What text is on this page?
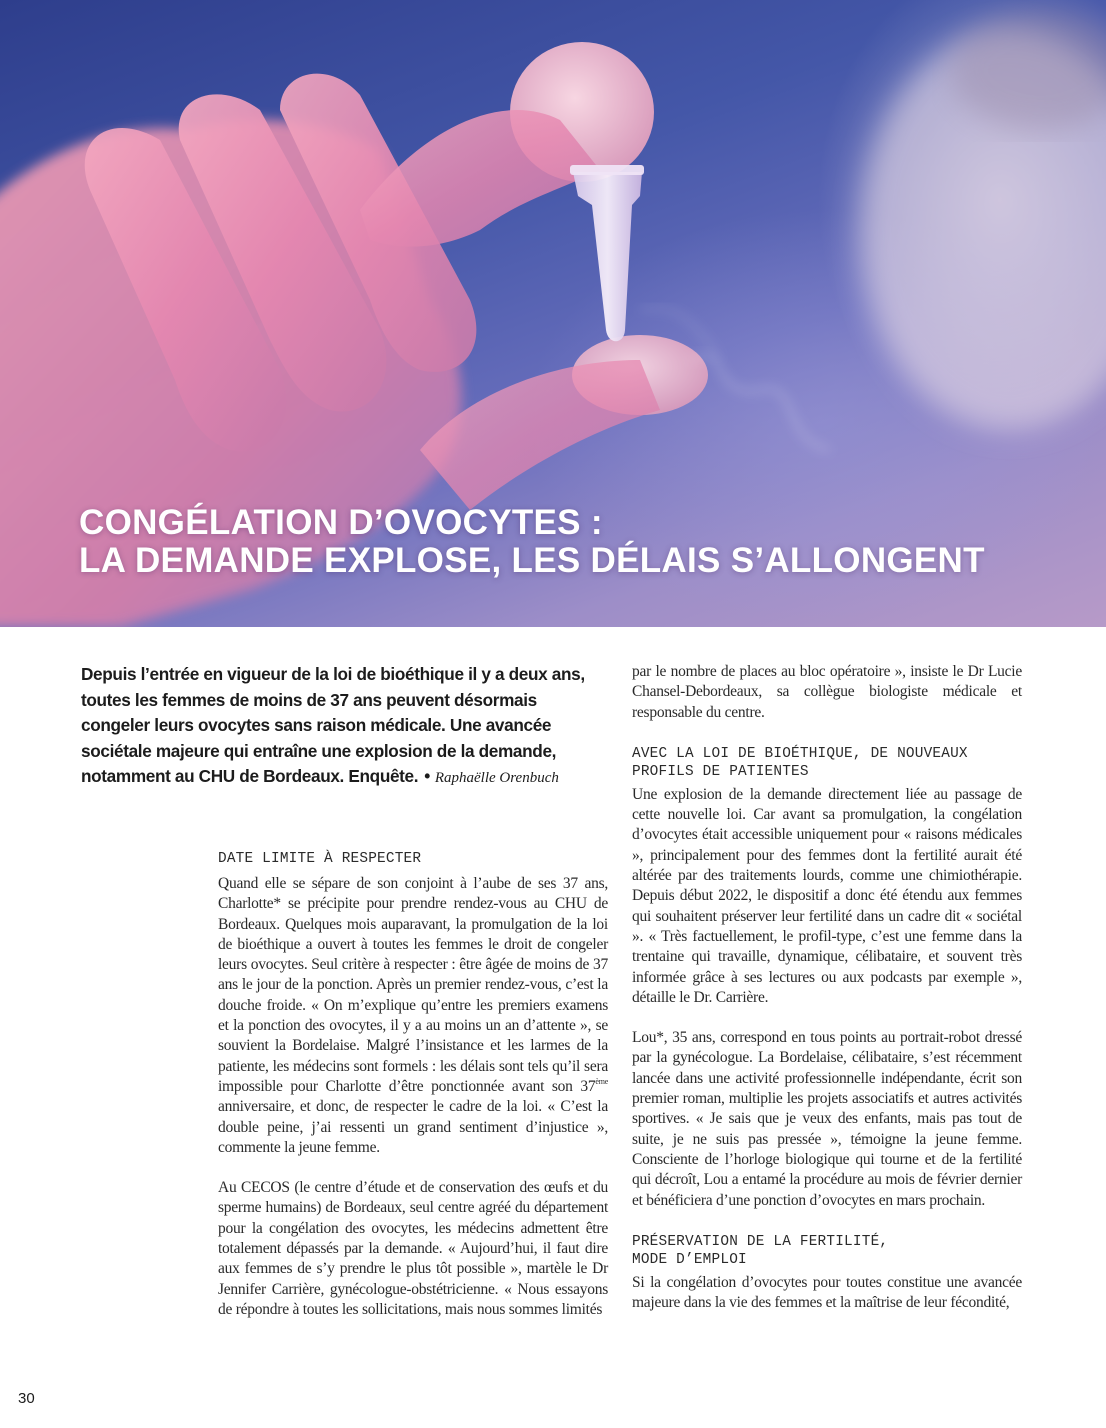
CONGÉLATION D’OVOCYTES :
LA DEMANDE EXPLOSE, LES DÉLAIS S’ALLONGENT
Depuis l’entrée en vigueur de la loi de bioéthique il y a deux ans, toutes les femmes de moins de 37 ans peuvent désormais congeler leurs ovocytes sans raison médicale. Une avancée sociétale majeure qui entraîne une explosion de la demande, notamment au CHU de Bordeaux. Enquête. • Raphaëlle Orenbuch
DATE LIMITE À RESPECTER

Quand elle se sépare de son conjoint à l’aube de ses 37 ans, Charlotte* se précipite pour prendre rendez-vous au CHU de Bordeaux. Quelques mois auparavant, la promulgation de la loi de bioéthique a ouvert à toutes les femmes le droit de congeler leurs ovocytes. Seul critère à respecter : être âgée de moins de 37 ans le jour de la ponction. Après un premier rendez-vous, c’est la douche froide. « On m’explique qu’entre les premiers examens et la ponction des ovocytes, il y a au moins un an d’attente », se souvient la Bordelaise. Malgré l’insistance et les larmes de la patiente, les médecins sont formels : les délais sont tels qu’il sera impossible pour Charlotte d’être ponctionnée avant son 37ème anniversaire, et donc, de respecter le cadre de la loi. « C’est la double peine, j’ai ressenti un grand sentiment d’injustice », commente la jeune femme.

Au CECOS (le centre d’étude et de conservation des œufs et du sperme humains) de Bordeaux, seul centre agréé du département pour la congélation des ovocytes, les médecins admettent être totalement dépassés par la demande. « Aujourd’hui, il faut dire aux femmes de s’y prendre le plus tôt possible », martèle le Dr Jennifer Carrière, gynécologue-obstétricienne. « Nous essayons de répondre à toutes les sollicitations, mais nous sommes limités

par le nombre de places au bloc opératoire », insiste le Dr Lucie Chansel-Debordeaux, sa collègue biologiste médicale et responsable du centre.

AVEC LA LOI DE BIOÉTHIQUE, DE NOUVEAUX
PROFILS DE PATIENTES

Une explosion de la demande directement liée au passage de cette nouvelle loi. Car avant sa promulgation, la congélation d’ovocytes était accessible uniquement pour « raisons médicales », principalement pour des femmes dont la fertilité aurait été altérée par des traitements lourds, comme une chimiothérapie. Depuis début 2022, le dispositif a donc été étendu aux femmes qui souhaitent préserver leur fertilité dans un cadre dit « sociétal ». « Très factuellement, le profil-type, c’est une femme dans la trentaine qui travaille, dynamique, célibataire, et souvent très informée grâce à ses lectures ou aux podcasts par exemple », détaille le Dr. Carrière.

Lou*, 35 ans, correspond en tous points au portrait-robot dressé par la gynécologue. La Bordelaise, célibataire, s’est récemment lancée dans une activité professionnelle indépendante, écrit son premier roman, multiplie les projets associatifs et autres activités sportives. « Je sais que je veux des enfants, mais pas tout de suite, je ne suis pas pressée », témoigne la jeune femme. Consciente de l’horloge biologique qui tourne et de la fertilité qui décroît, Lou a entamé la procédure au mois de février dernier et bénéficiera d’une ponction d’ovocytes en mars prochain.

PRÉSERVATION DE LA FERTILITÉ,
MODE D’EMPLOI

Si la congélation d’ovocytes pour toutes constitue une avancée majeure dans la vie des femmes et la maîtrise de leur fécondité,

30
